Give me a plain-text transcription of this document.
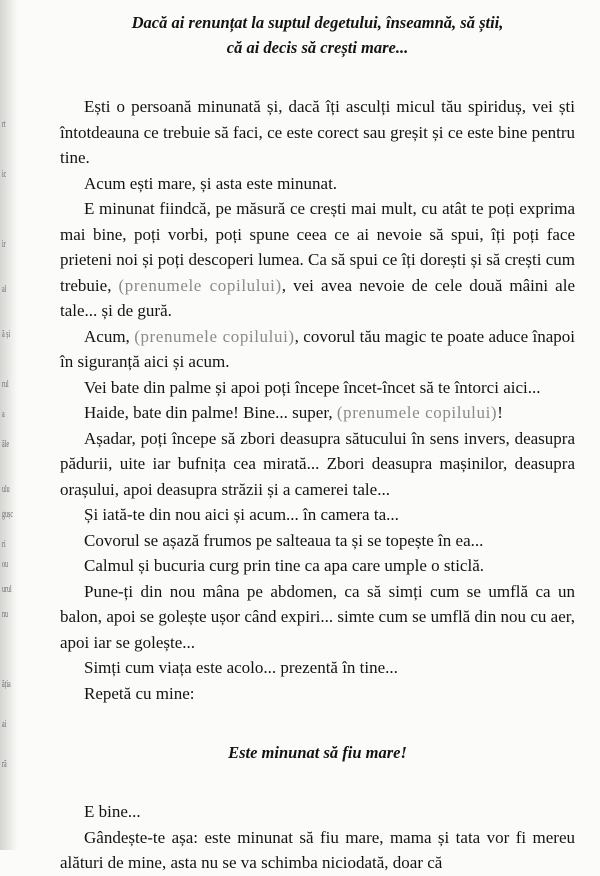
rt
ic
ir
al
ă și
rul
a
ăle
ulu
gușc
ri
ou
urul
nu
ăția
ai
ră
Dacă ai renunțat la suptul degetului, înseamnă, să știi,
că ai decis să crești mare...

Ești o persoană minunată și, dacă îți asculți micul tău spiriduș, vei ști întotdeauna ce trebuie să faci, ce este corect sau greșit și ce este bine pentru tine.

Acum ești mare, și asta este minunat.

E minunat fiindcă, pe măsură ce crești mai mult, cu atât te poți exprima mai bine, poți vorbi, poți spune ceea ce ai nevoie să spui, îți poți face prieteni noi și poți descoperi lumea. Ca să spui ce îți dorești și să crești cum trebuie, (prenumele copilului), vei avea nevoie de cele două mâini ale tale... și de gură.

Acum, (prenumele copilului), covorul tău magic te poate aduce înapoi în siguranță aici și acum.

Vei bate din palme și apoi poți începe încet-încet să te întorci aici...

Haide, bate din palme! Bine... super, (prenumele copilului)!

Așadar, poți începe să zbori deasupra sătucului în sens invers, deasupra pădurii, uite iar bufnița cea mirată... Zbori deasupra mașinilor, deasupra orașului, apoi deasupra străzii și a camerei tale...

Și iată-te din nou aici și acum... în camera ta...

Covorul se așază frumos pe salteaua ta și se topește în ea...

Calmul și bucuria curg prin tine ca apa care umple o sticlă.

Pune-ți din nou mâna pe abdomen, ca să simți cum se umflă ca un balon, apoi se golește ușor când expiri... simte cum se umflă din nou cu aer, apoi iar se golește...

Simți cum viața este acolo... prezentă în tine...

Repetă cu mine:

Este minunat să fiu mare!

E bine...

Gândește-te așa: este minunat să fiu mare, mama și tata vor fi mereu alături de mine, asta nu se va schimba niciodată, doar că
